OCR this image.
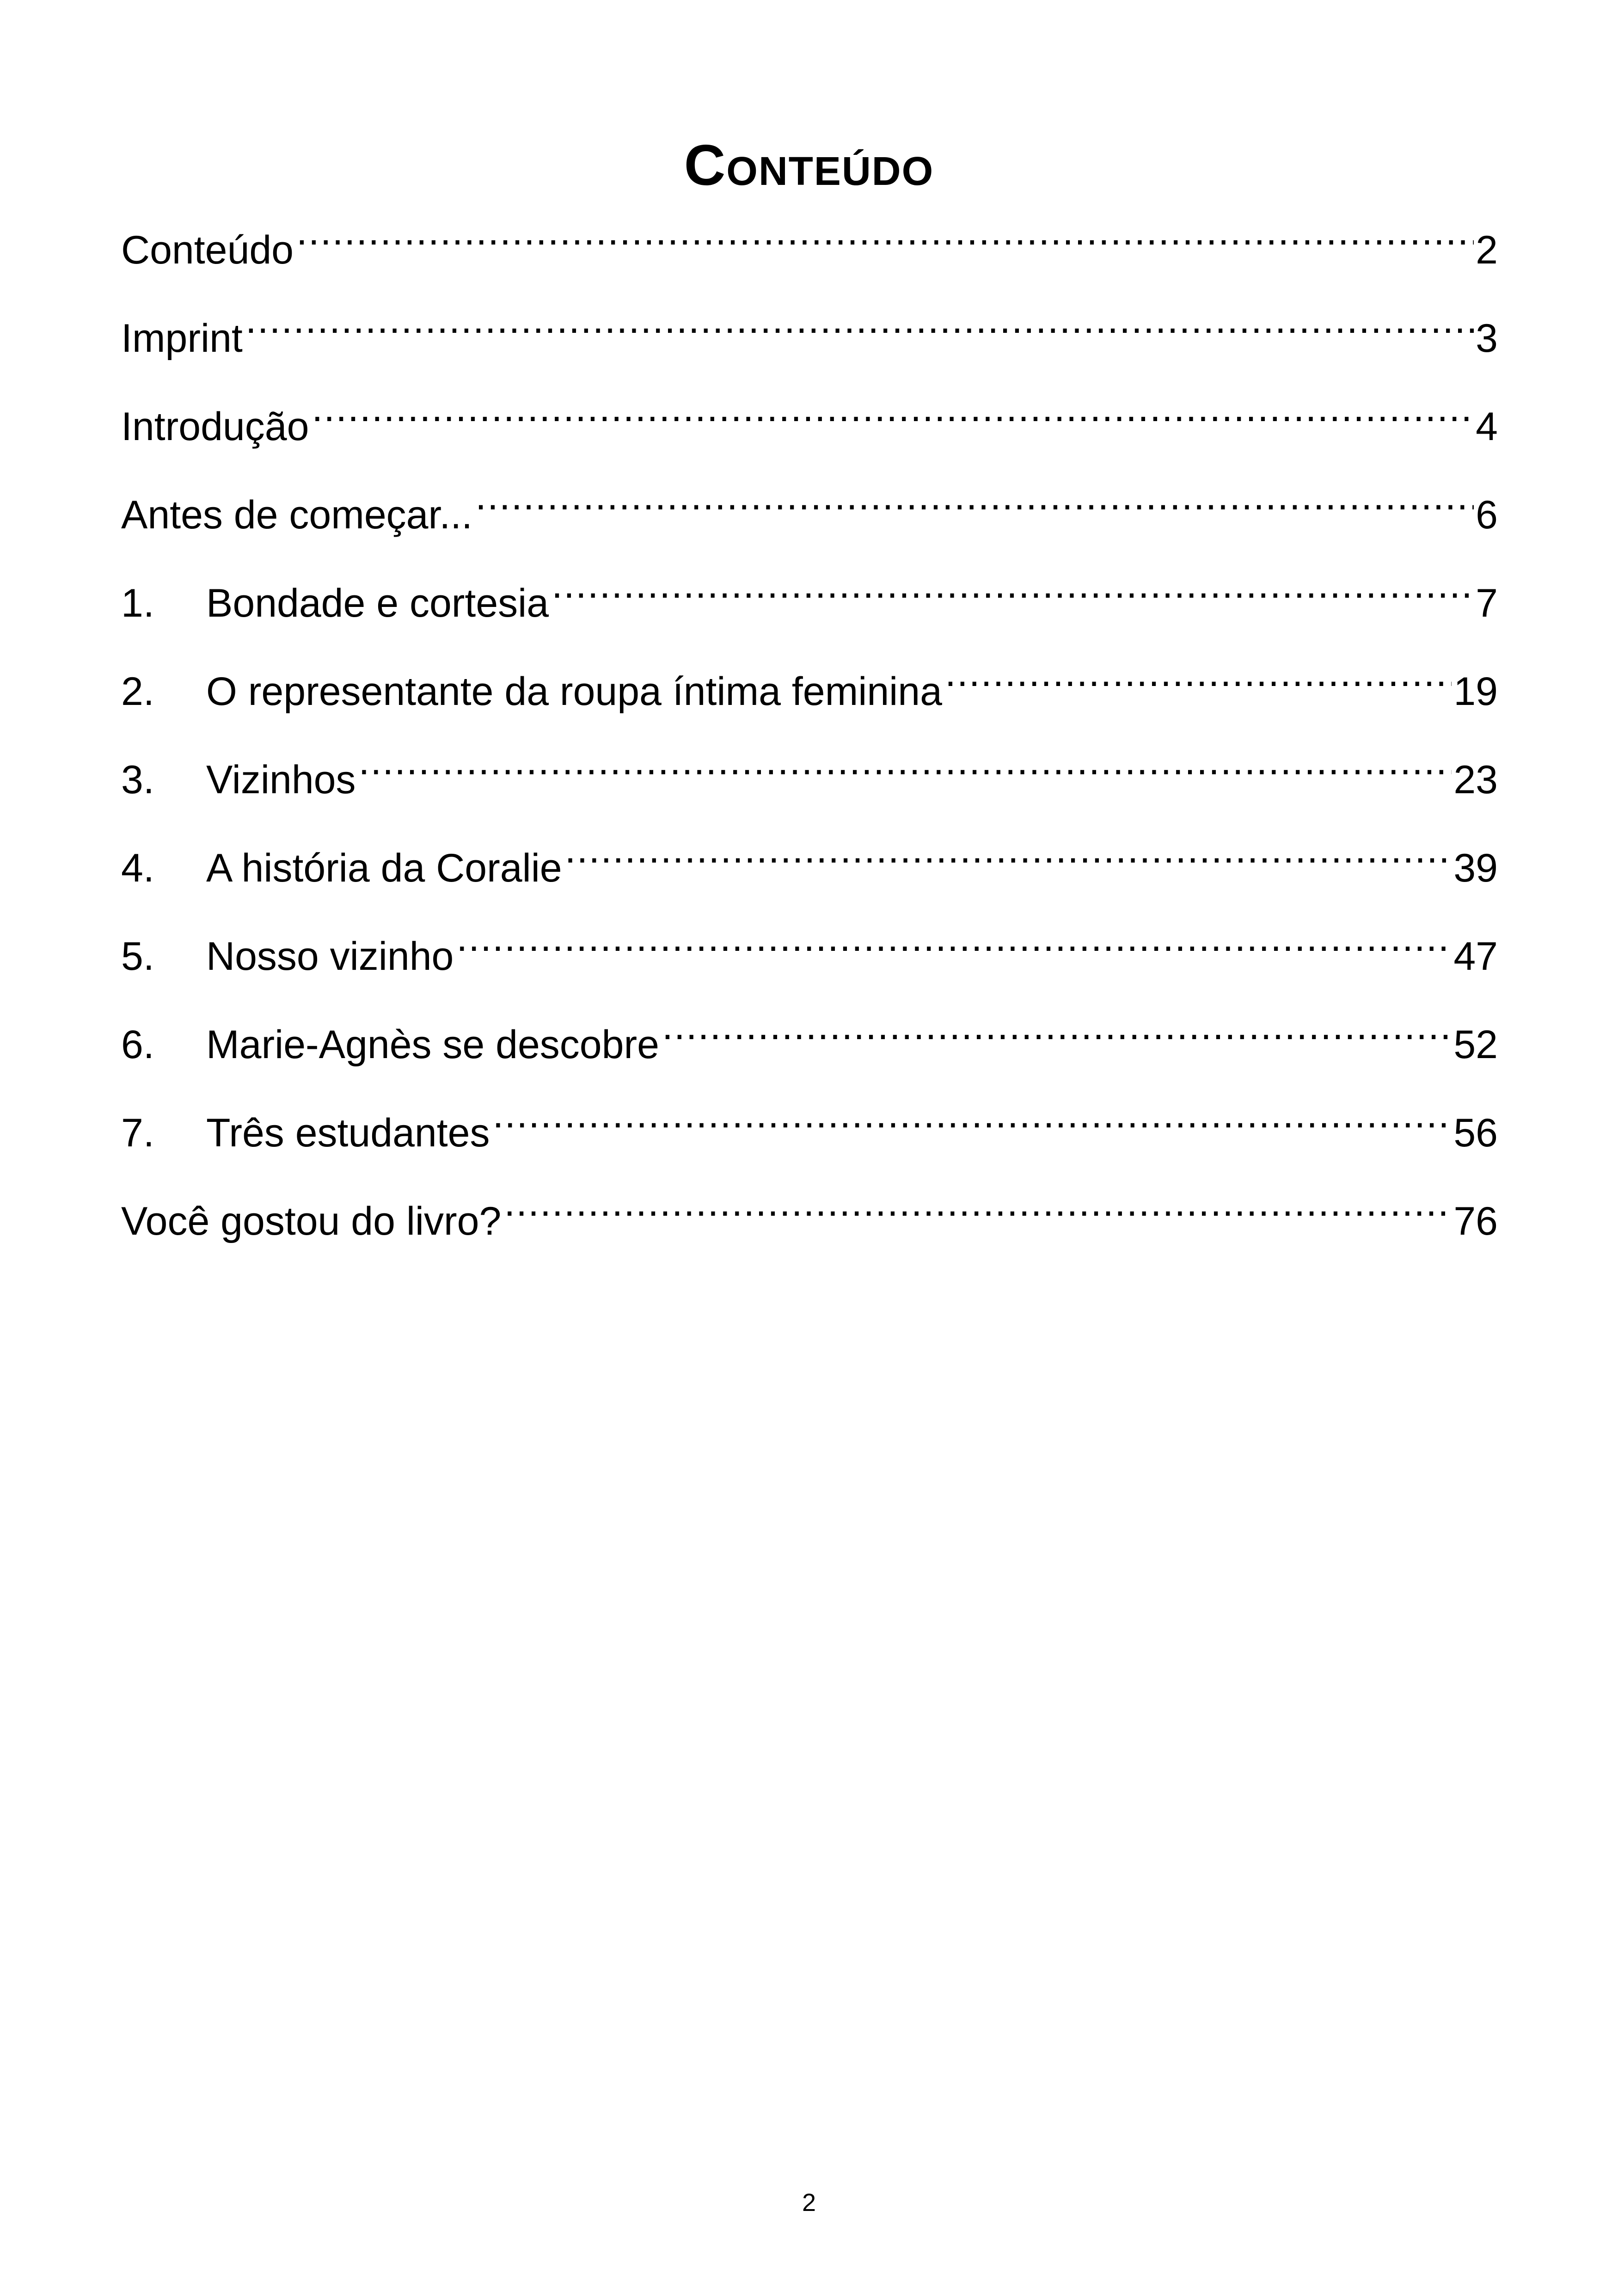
Conteúdo
Conteúdo .....	2
Imprint .....	3
Introdução .....	4
Antes de começar... .....	6
1.	Bondade e cortesia .....	7
2.	O representante da roupa íntima feminina .....	19
3.	Vizinhos .....	23
4.	A história da Coralie .....	39
5.	Nosso vizinho .....	47
6.	Marie-Agnès se descobre .....	52
7.	Três estudantes .....	56
Você gostou do livro? .....	76
2
